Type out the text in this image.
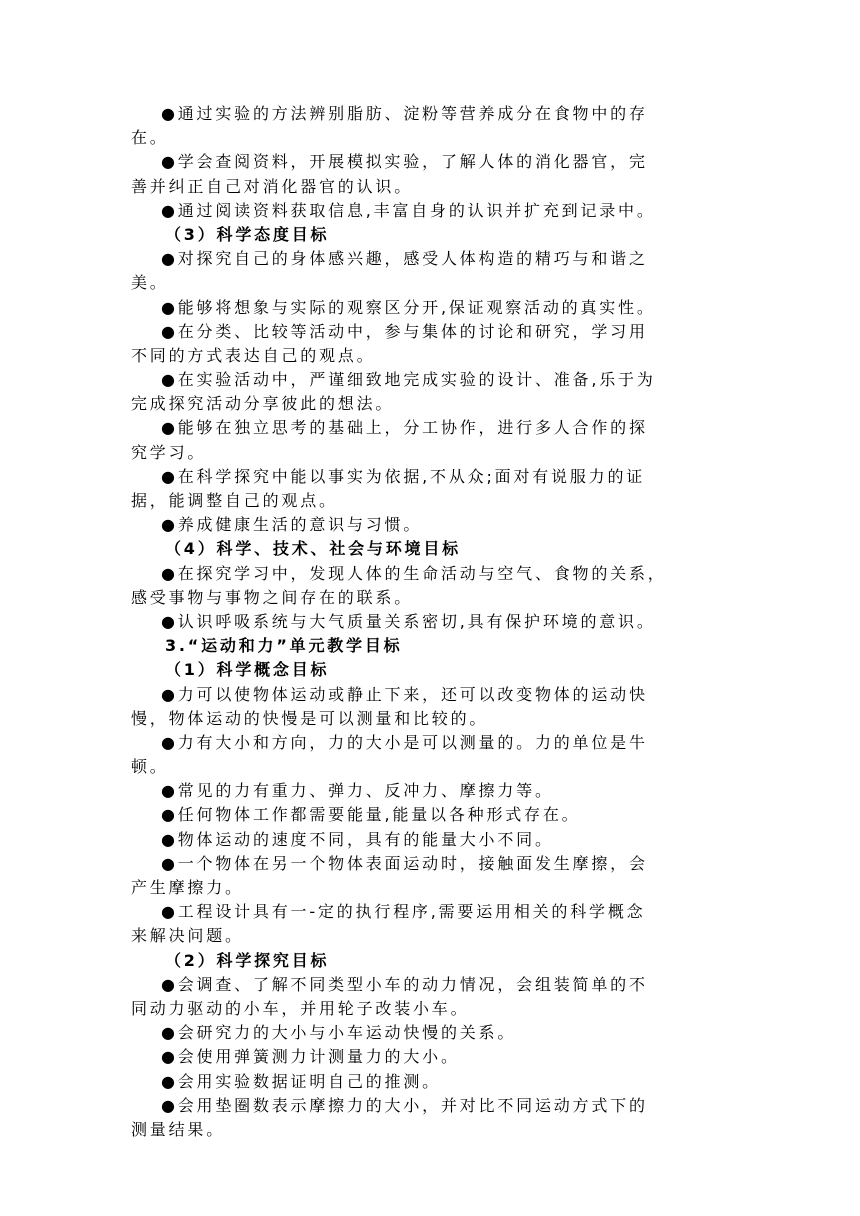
●通过实验的方法辨别脂肪、淀粉等营养成分在食物中的存
在。
●学会查阅资料，开展模拟实验，了解人体的消化器官，完
善并纠正自己对消化器官的认识。
●通过阅读资料获取信息,丰富自身的认识并扩充到记录中。
（3）科学态度目标
●对探究自己的身体感兴趣，感受人体构造的精巧与和谐之
美。
●能够将想象与实际的观察区分开,保证观察活动的真实性。
●在分类、比较等活动中，参与集体的讨论和研究，学习用
不同的方式表达自己的观点。
●在实验活动中，严谨细致地完成实验的设计、准备,乐于为
完成探究活动分享彼此的想法。
●能够在独立思考的基础上，分工协作，进行多人合作的探
究学习。
●在科学探究中能以事实为依据,不从众;面对有说服力的证
据，能调整自己的观点。
●养成健康生活的意识与习惯。
（4）科学、技术、社会与环境目标
●在探究学习中，发现人体的生命活动与空气、食物的关系，
感受事物与事物之间存在的联系。
●认识呼吸系统与大气质量关系密切,具有保护环境的意识。
3.“运动和力”单元教学目标
（1）科学概念目标
●力可以使物体运动或静止下来，还可以改变物体的运动快
慢，物体运动的快慢是可以测量和比较的。
●力有大小和方向，力的大小是可以测量的。力的单位是牛
顿。
●常见的力有重力、弹力、反冲力、摩擦力等。
●任何物体工作都需要能量,能量以各种形式存在。
●物体运动的速度不同，具有的能量大小不同。
●一个物体在另一个物体表面运动时，接触面发生摩擦，会
产生摩擦力。
●工程设计具有一-定的执行程序,需要运用相关的科学概念
来解决问题。
（2）科学探究目标
●会调查、了解不同类型小车的动力情况，会组装简单的不
同动力驱动的小车，并用轮子改装小车。
●会研究力的大小与小车运动快慢的关系。
●会使用弹簧测力计测量力的大小。
●会用实验数据证明自己的推测。
●会用垫圈数表示摩擦力的大小，并对比不同运动方式下的
测量结果。
